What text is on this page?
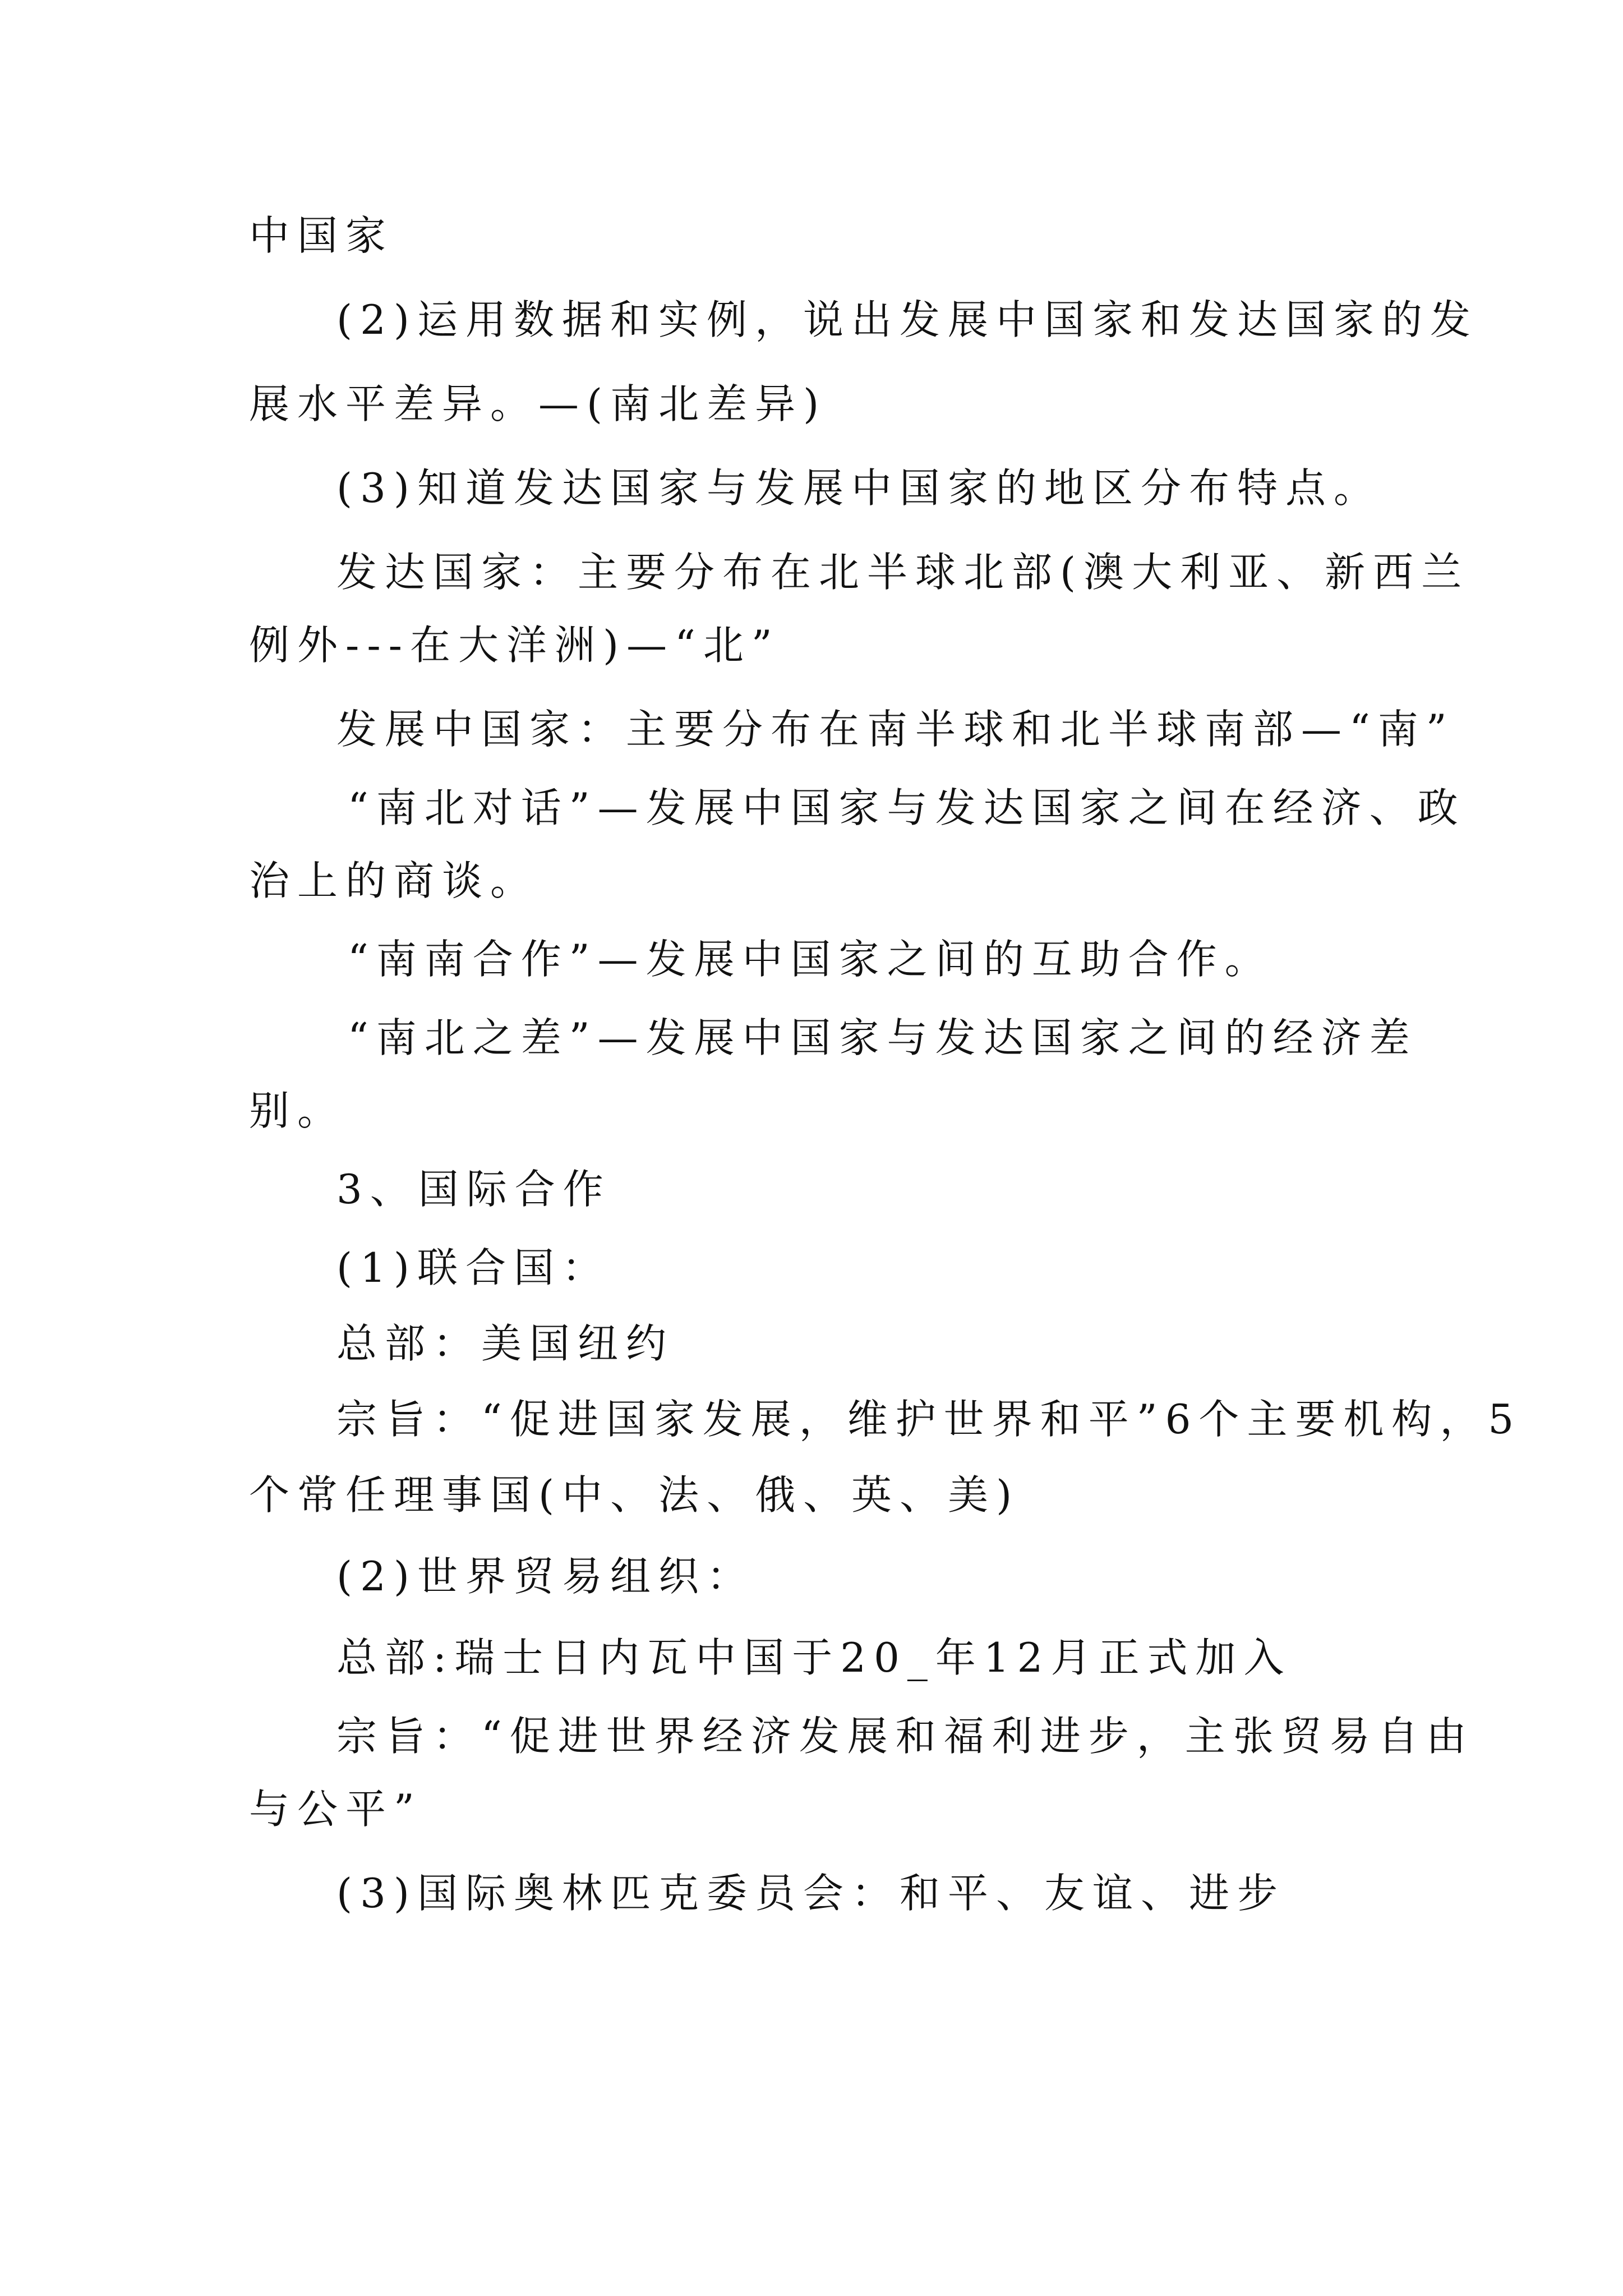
中国家
(2)运用数据和实例，说出发展中国家和发达国家的发
展水平差异。—(南北差异)
(3)知道发达国家与发展中国家的地区分布特点。
发达国家：主要分布在北半球北部(澳大利亚、新西兰
例外---在大洋洲)—“北”
发展中国家：主要分布在南半球和北半球南部—“南”
“南北对话”—发展中国家与发达国家之间在经济、政
治上的商谈。
“南南合作”—发展中国家之间的互助合作。
“南北之差”—发展中国家与发达国家之间的经济差
别。
3、国际合作
(1)联合国：
总部：美国纽约
宗旨：“促进国家发展，维护世界和平”6个主要机构，5
个常任理事国(中、法、俄、英、美)
(2)世界贸易组织：
总部:瑞士日内瓦中国于20_年12月正式加入
宗旨：“促进世界经济发展和福利进步，主张贸易自由
与公平”
(3)国际奥林匹克委员会：和平、友谊、进步
